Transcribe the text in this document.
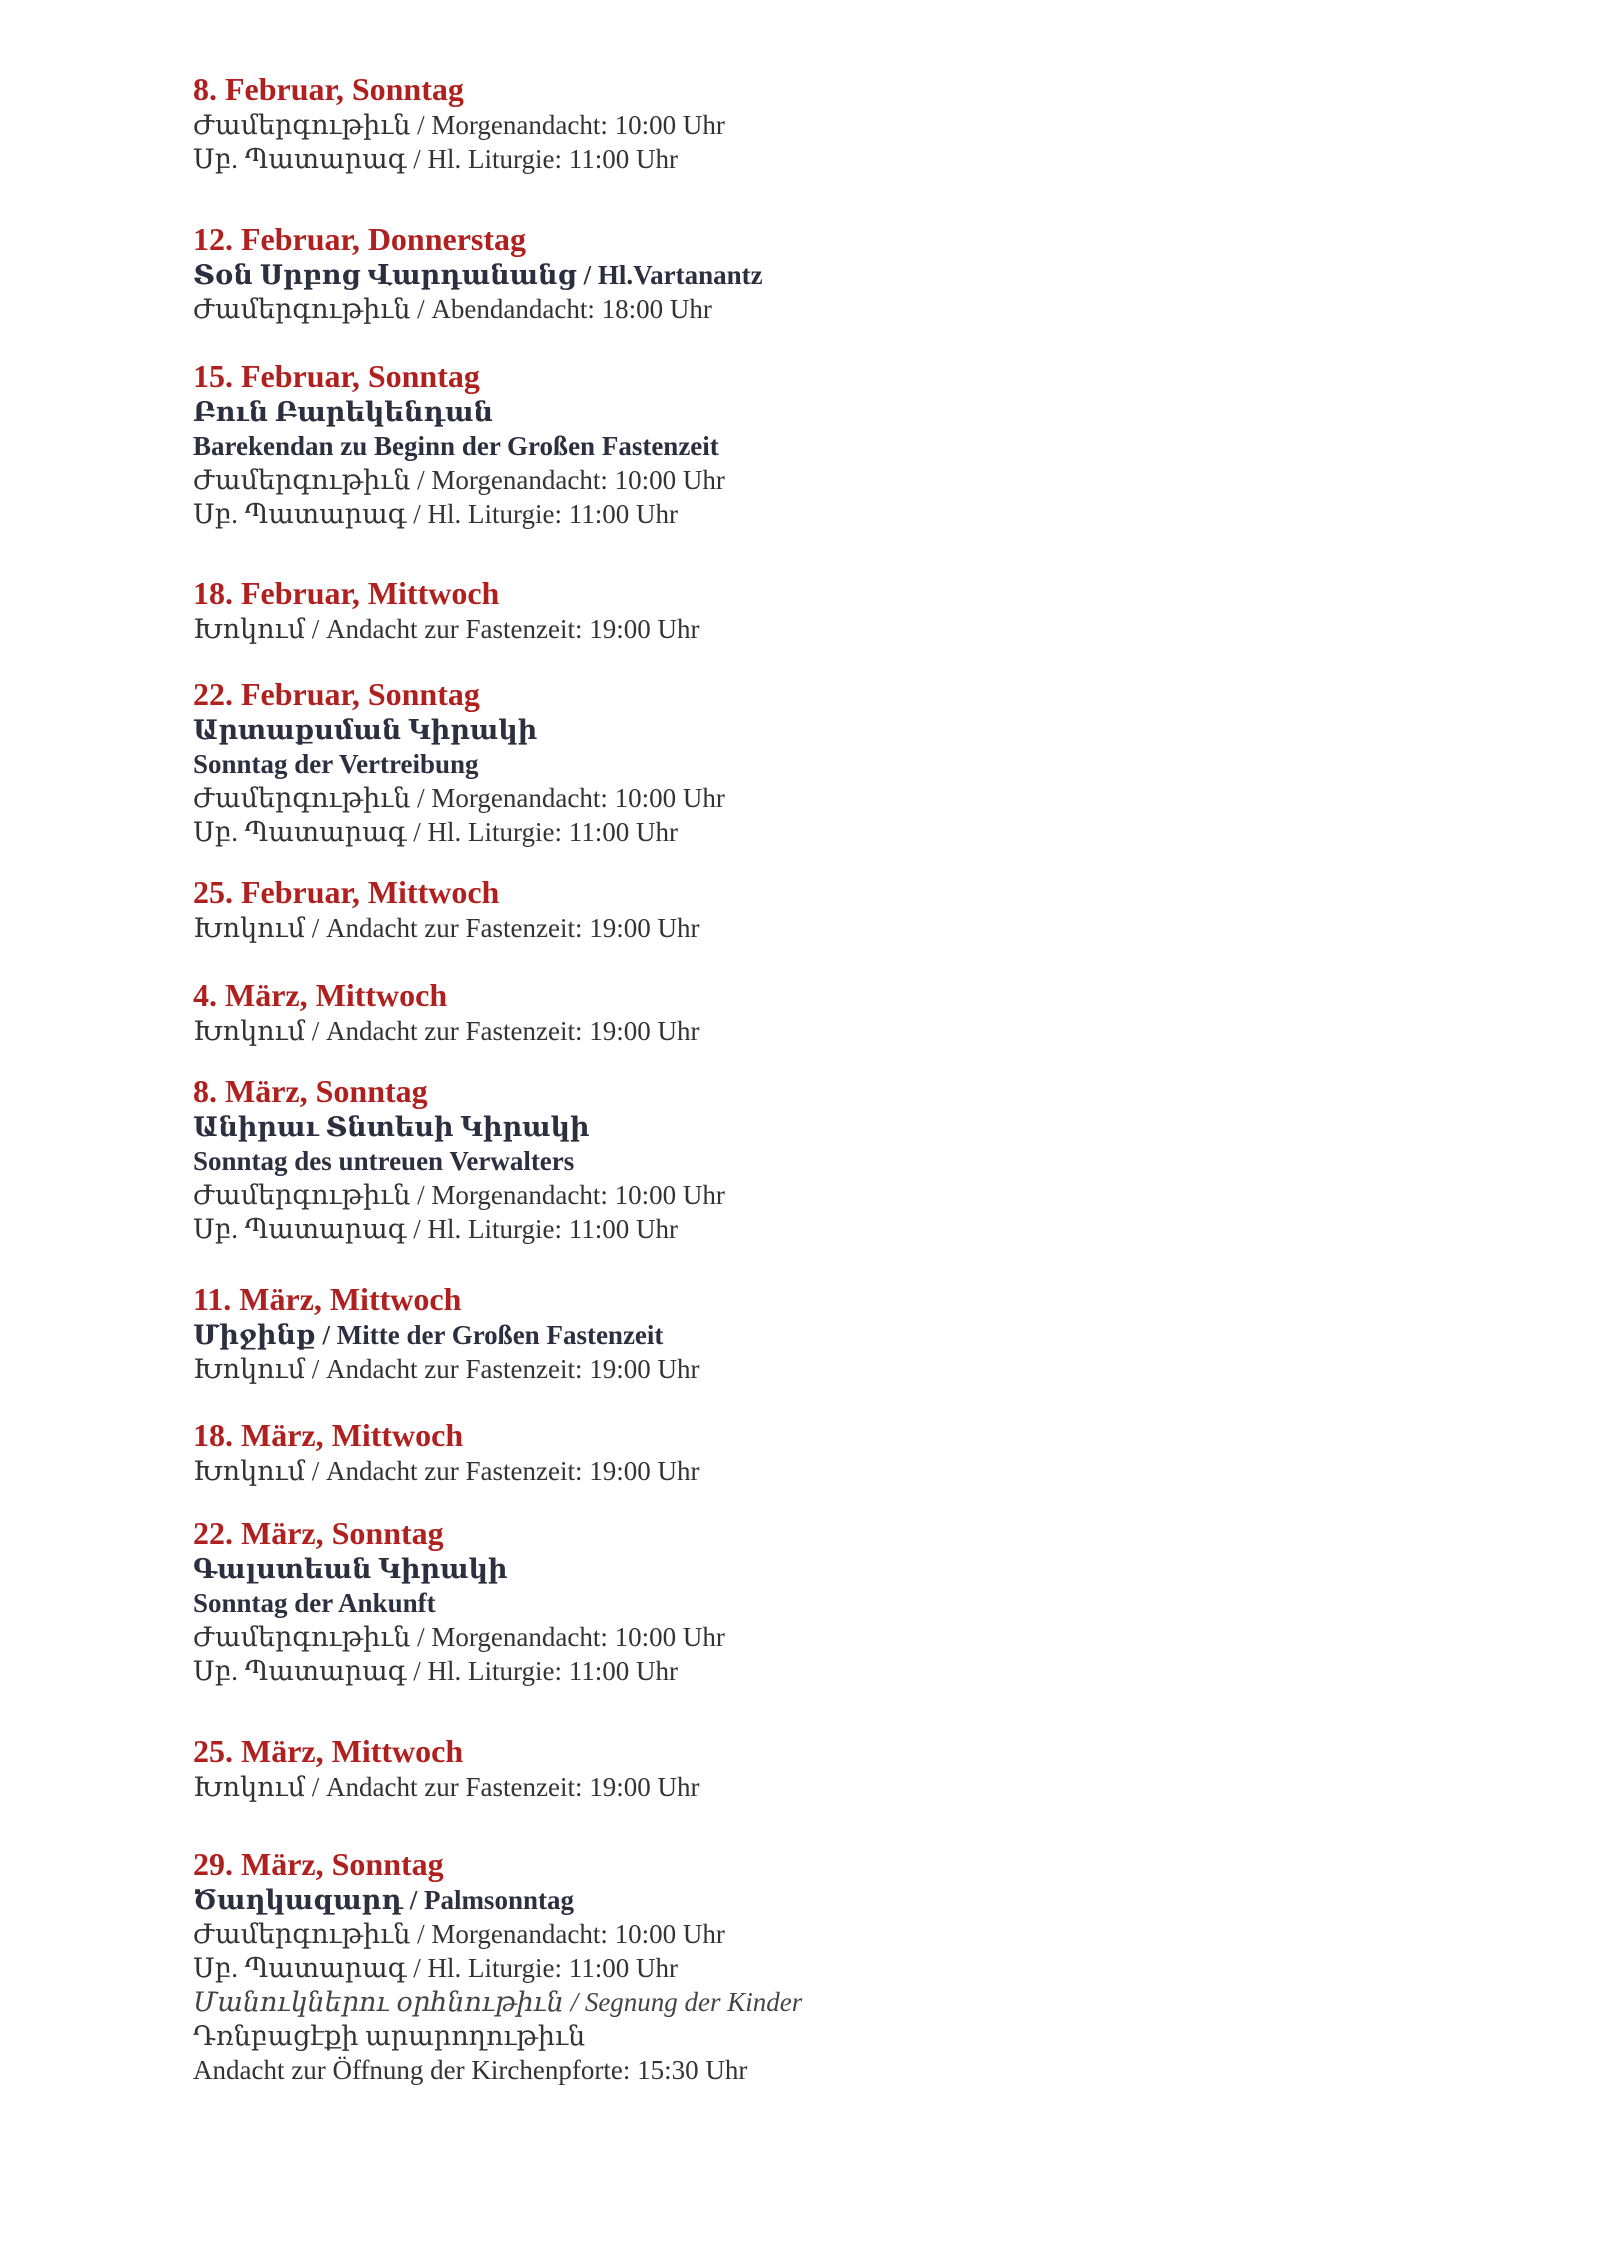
8. Februar, Sonntag
Ժամերգութիւն / Morgenandacht: 10:00 Uhr
Սբ. Պատարագ / Hl. Liturgie: 11:00 Uhr
12. Februar, Donnerstag
Տօն Սրբոց Վարդանանց / Hl.Vartanantz
Ժամերգութիւն / Abendandacht: 18:00 Uhr
15. Februar, Sonntag
Բուն Բարեկենդան
Barekendan zu Beginn der Großen Fastenzeit
Ժամերգութիւն / Morgenandacht: 10:00 Uhr
Սբ. Պատարագ / Hl. Liturgie: 11:00 Uhr
18. Februar, Mittwoch
Խոկում / Andacht zur Fastenzeit: 19:00 Uhr
22. Februar, Sonntag
Արտաքսման Կիրակի
Sonntag der Vertreibung
Ժամերգութիւն / Morgenandacht: 10:00 Uhr
Սբ. Պատարագ / Hl. Liturgie: 11:00 Uhr
25. Februar, Mittwoch
Խոկում / Andacht zur Fastenzeit: 19:00 Uhr
4. März, Mittwoch
Խոկում / Andacht zur Fastenzeit: 19:00 Uhr
8. März, Sonntag
Անիրաւ Տնտեսի Կիրակի
Sonntag des untreuen Verwalters
Ժամերգութիւն / Morgenandacht: 10:00 Uhr
Սբ. Պատարագ / Hl. Liturgie: 11:00 Uhr
11. März, Mittwoch
Միջինք / Mitte der Großen Fastenzeit
Խոկում / Andacht zur Fastenzeit: 19:00 Uhr
18. März, Mittwoch
Խոկում / Andacht zur Fastenzeit: 19:00 Uhr
22. März, Sonntag
Գալստեան Կիրակի
Sonntag der Ankunft
Ժամերգութիւն / Morgenandacht: 10:00 Uhr
Սբ. Պատարագ / Hl. Liturgie: 11:00 Uhr
25. März, Mittwoch
Խոկում / Andacht zur Fastenzeit: 19:00 Uhr
29. März, Sonntag
Ծաղկազարդ / Palmsonntag
Ժամերգութիւն / Morgenandacht: 10:00 Uhr
Սբ. Պատարագ / Hl. Liturgie: 11:00 Uhr
Մանուկներու օրհնութիւն / Segnung der Kinder
Դռնբացէքի արարողութիւն
Andacht zur Öffnung der Kirchenpforte: 15:30 Uhr
